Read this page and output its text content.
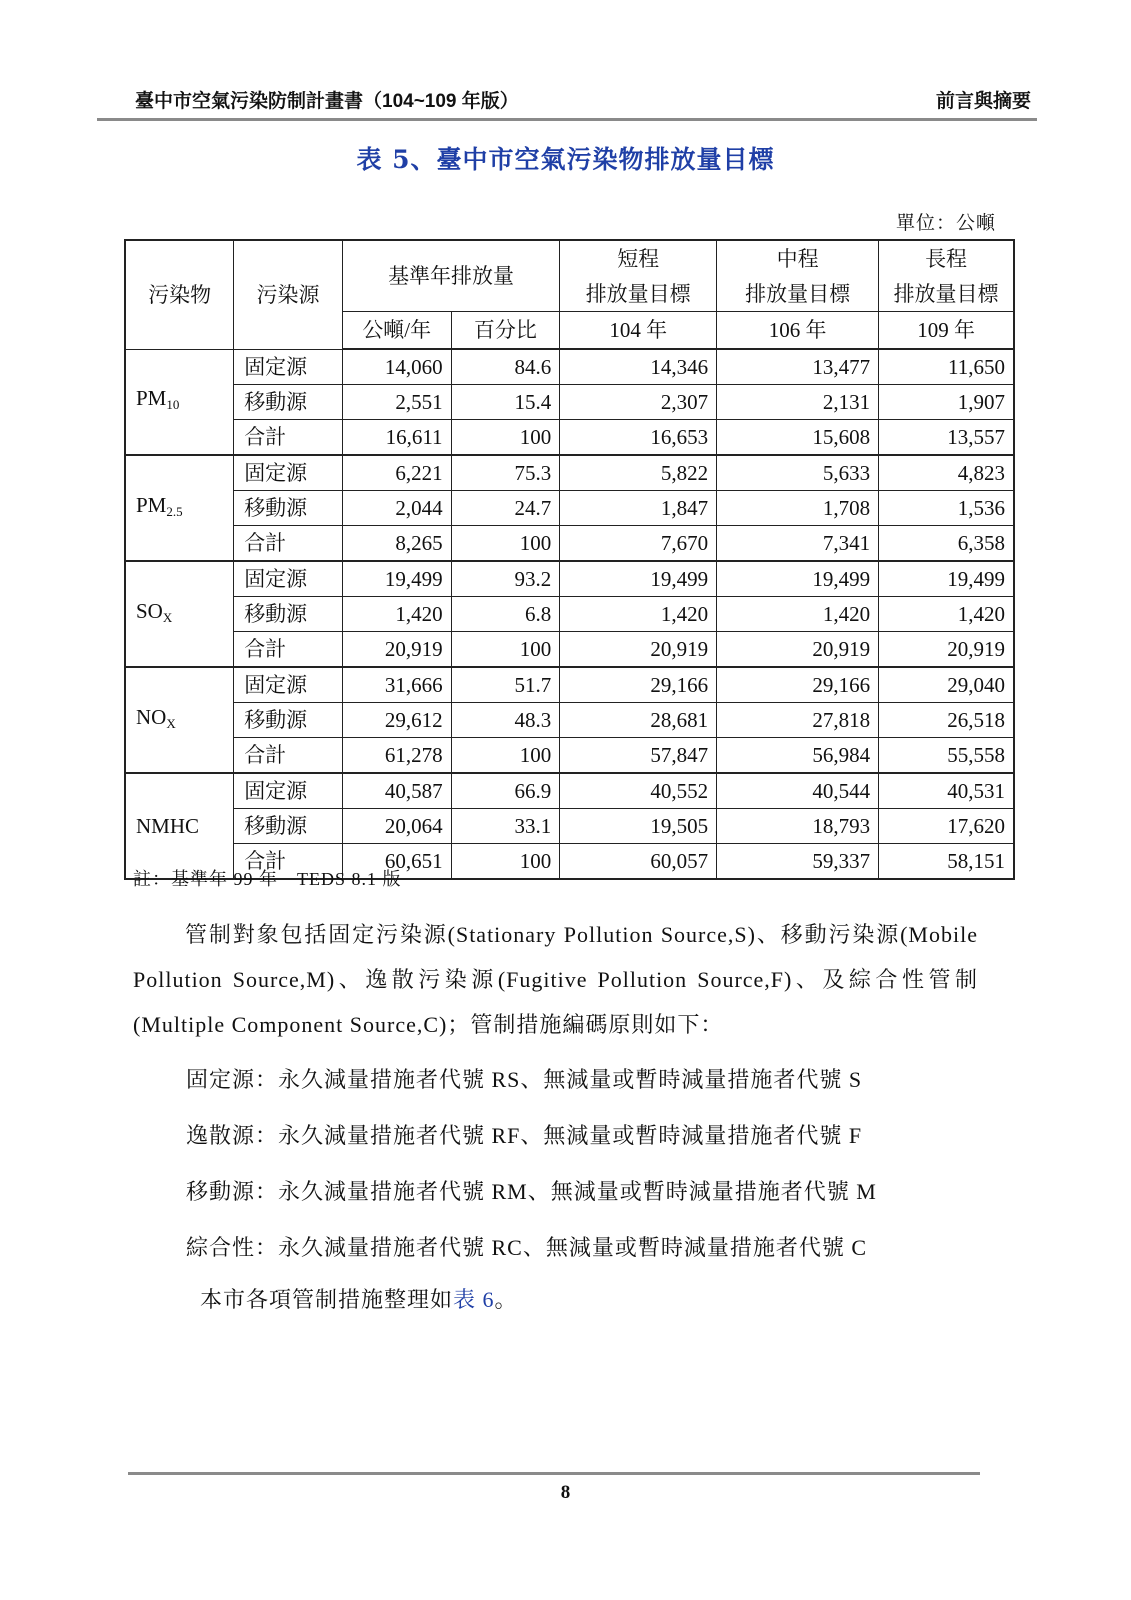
臺中市空氣污染防制計畫書（104~109 年版）	前言與摘要
表 5、臺中市空氣污染物排放量目標
單位：公噸
污染物	污染源	基準年排放量		短程	中程	長程
				排放量目標	排放量目標	排放量目標
		公噸/年	百分比	104 年	106 年	109 年
$PM_{10}$	固定源	14,060	84.6	14,346	13,477	11,650
	移動源	2,551	15.4	2,307	2,131	1,907
	合計	16,611	100	16,653	15,608	13,557
$PM_{2.5}$	固定源	6,221	75.3	5,822	5,633	4,823
	移動源	2,044	24.7	1,847	1,708	1,536
	合計	8,265	100	7,670	7,341	6,358
$SO_X$	固定源	19,499	93.2	19,499	19,499	19,499
	移動源	1,420	6.8	1,420	1,420	1,420
	合計	20,919	100	20,919	20,919	20,919
$NO_X$	固定源	31,666	51.7	29,166	29,166	29,040
	移動源	29,612	48.3	28,681	27,818	26,518
	合計	61,278	100	57,847	56,984	55,558
NMHC	固定源	40,587	66.9	40,552	40,544	40,531
	移動源	20,064	33.1	19,505	18,793	17,620
	合計	60,651	100	60,057	59,337	58,151
註：基準年 99 年　TEDS 8.1 版
管制對象包括固定污染源(Stationary Pollution Source,S)、移動污染源(Mobile Pollution Source,M)、逸散污染源(Fugitive Pollution Source,F)、及綜合性管制(Multiple Component Source,C)；管制措施編碼原則如下：
固定源：永久減量措施者代號 RS、無減量或暫時減量措施者代號 S
逸散源：永久減量措施者代號 RF、無減量或暫時減量措施者代號 F
移動源：永久減量措施者代號 RM、無減量或暫時減量措施者代號 M
綜合性：永久減量措施者代號 RC、無減量或暫時減量措施者代號 C
本市各項管制措施整理如表 6。
8
